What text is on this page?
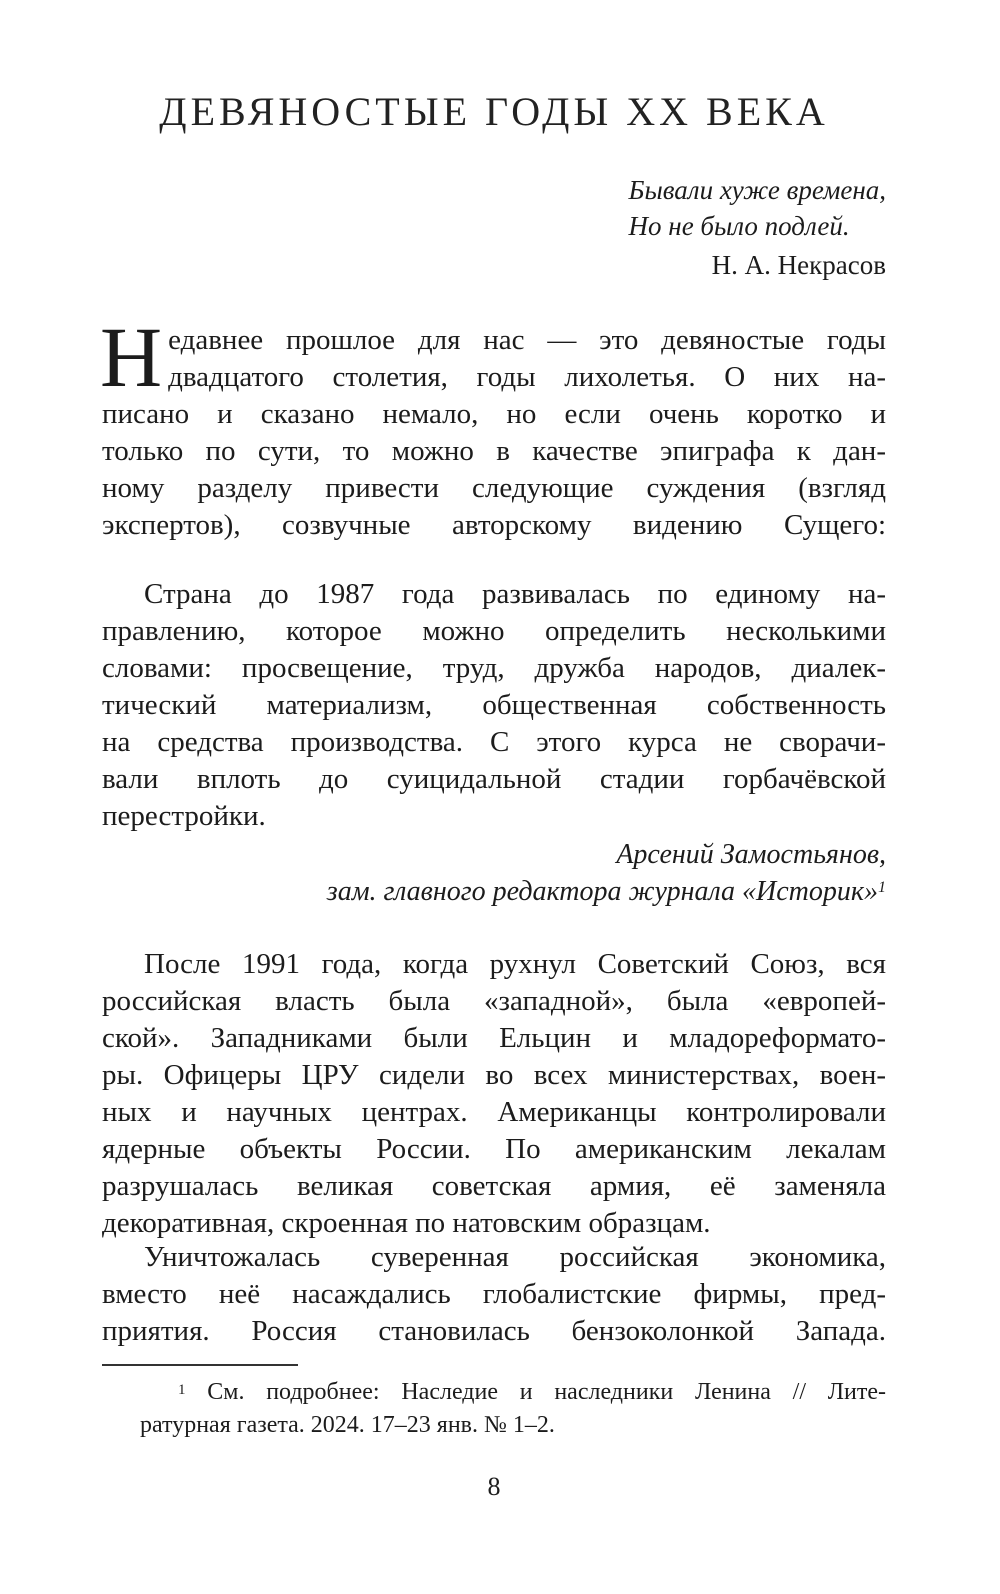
ДЕВЯНОСТЫЕ ГОДЫ XX ВЕКА
Бывали хуже времена,
Но не было подлей.
Н. А. Некрасов
Н едавнее прошлое для нас — это девяностые годы
двадцатого столетия, годы лихолетья. О них на-
писано и сказано немало, но если очень коротко и
только по сути, то можно в качестве эпиграфа к дан-
ному разделу привести следующие суждения (взгляд
экспертов), созвучные авторскому видению Сущего:
Страна до 1987 года развивалась по единому на-
правлению, которое можно определить несколькими
словами: просвещение, труд, дружба народов, диалек-
тический материализм, общественная собственность
на средства производства. С этого курса не сворачи-
вали вплоть до суицидальной стадии горбачёвской
перестройки.
Арсений Замостьянов,
зам. главного редактора журнала «Историк»$^1$
После 1991 года, когда рухнул Советский Союз, вся
российская власть была «западной», была «европей-
ской». Западниками были Ельцин и младореформато-
ры. Офицеры ЦРУ сидели во всех министерствах, воен-
ных и научных центрах. Американцы контролировали
ядерные объекты России. По американским лекалам
разрушалась великая советская армия, её заменяла
декоративная, скроенная по натовским образцам.
Уничтожалась суверенная российская экономика,
вместо неё насаждались глобалистские фирмы, пред-
приятия. Россия становилась бензоколонкой Запада.
$^1$ См. подробнее: Наследие и наследники Ленина // Лите-
ратурная газета. 2024. 17–23 янв. № 1–2.
8
